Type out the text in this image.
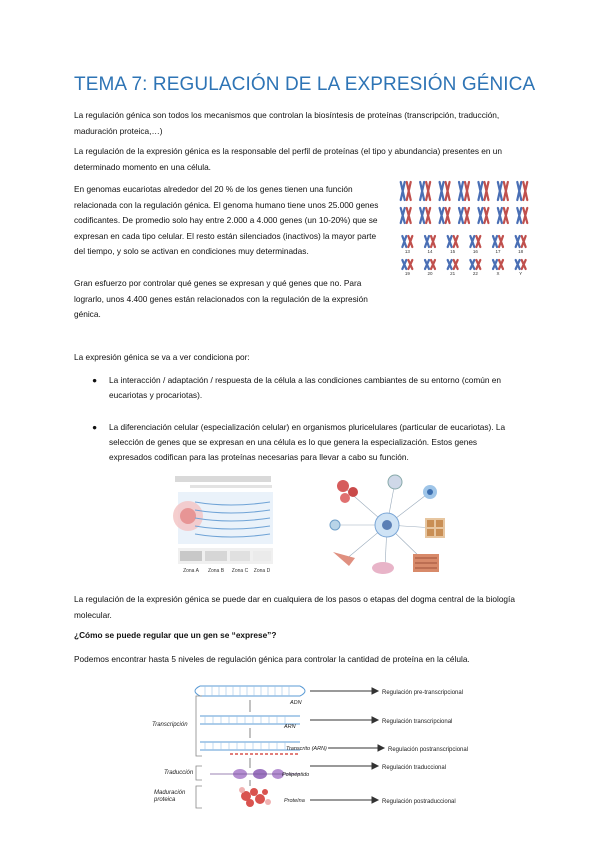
TEMA 7: REGULACIÓN DE LA EXPRESIÓN GÉNICA

La regulación génica son todos los mecanismos que controlan la biosíntesis de proteínas (transcripción, traducción, maduración proteica,…)

La regulación de la expresión génica es la responsable del perfil de proteínas (el tipo y abundancia) presentes en un determinado momento en una célula.

En genomas eucariotas alrededor del 20 % de los genes tienen una función relacionada con la regulación génica. El genoma humano tiene unos 25.000 genes codificantes. De promedio solo hay entre 2.000 a 4.000 genes (un 10-20%) que se expresan en cada tipo celular. El resto están silenciados (inactivos) la mayor parte del tiempo, y solo se activan en condiciones muy determinadas.

Gran esfuerzo por controlar qué genes se expresan y qué genes que no. Para lograrlo, unos 4.400 genes están relacionados con la regulación de la expresión génica.

13	14	15	16	17	18
19	20	21	22	X	Y

La expresión génica se va a ver condiciona por:

● La interacción / adaptación / respuesta de la célula a las condiciones cambiantes de su entorno (común en eucariotas y procariotas).
● La diferenciación celular (especialización celular) en organismos pluricelulares (particular de eucariotas). La selección de genes que se expresan en una célula es lo que genera la especialización. Estos genes expresados codifican para las proteínas necesarias para llevar a cabo su función.
Zona A Zona B Zona C Zona D

La regulación de la expresión génica se puede dar en cualquiera de los pasos o etapas del dogma central de la biología molecular.

¿Cómo se puede regular que un gen se “exprese”?

Podemos encontrar hasta 5 niveles de regulación génica para controlar la cantidad de proteína en la célula.

Transcripción
Traducción
Maduración
proteica
ADN
ARN
Transcrito (ARN)
Polipéptido
Proteína
Regulación pre-transcripcional
Regulación transcripcional
Regulación postranscripcional
Regulación traduccional
Regulación postraduccional
